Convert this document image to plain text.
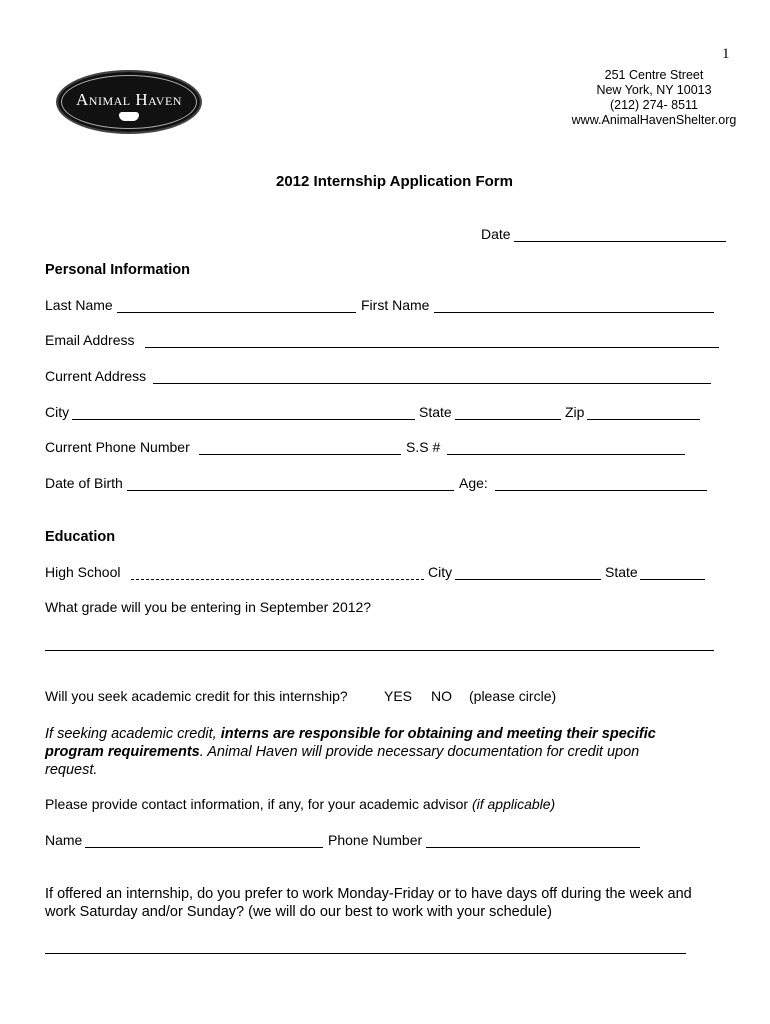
1
Animal Haven
251 Centre Street
New York, NY 10013
(212) 274- 8511
www.AnimalHavenShelter.org
2012 Internship Application Form
Date
Personal Information
Last Name	First Name
Email Address
Current Address
City	State	Zip
Current Phone Number	S.S #
Date of Birth	Age:
Education
High School	City	State
What grade will you be entering in September 2012?
Will you seek academic credit for this internship?	YES NO (please circle)
If seeking academic credit, interns are responsible for obtaining and meeting their specific program requirements. Animal Haven will provide necessary documentation for credit upon request.
Please provide contact information, if any, for your academic advisor (if applicable)
Name	Phone Number
If offered an internship, do you prefer to work Monday-Friday or to have days off during the week and work Saturday and/or Sunday? (we will do our best to work with your schedule)
